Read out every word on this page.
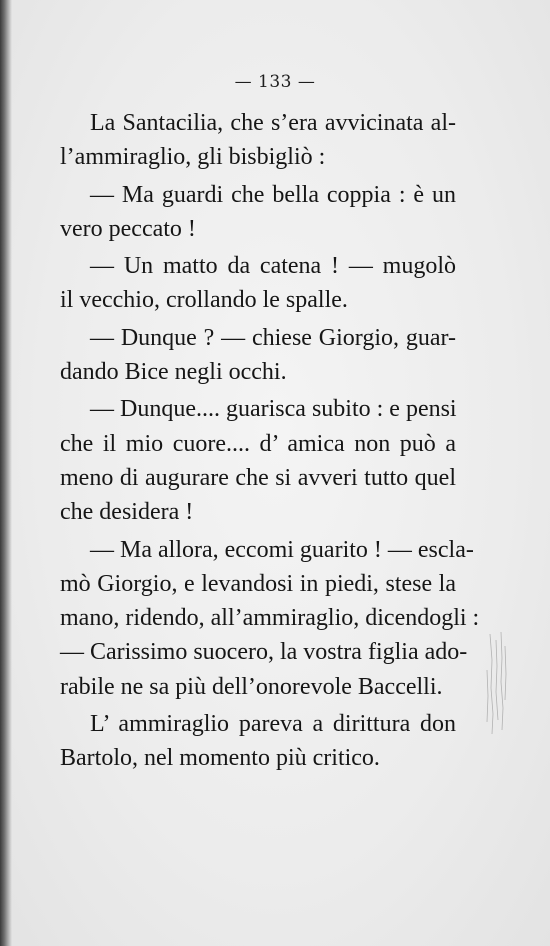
— 133 —
La Santacilia, che s’era avvicinata al-
l’ammiraglio, gli bisbigliò :
— Ma guardi che bella coppia : è un
vero peccato !
— Un matto da catena ! — mugolò
il vecchio, crollando le spalle.
— Dunque ? — chiese Giorgio, guar-
dando Bice negli occhi.
— Dunque.... guarisca subito : e pensi
che il mio cuore.... d’ amica non può a
meno di augurare che si avveri tutto quel
che desidera !
— Ma allora, eccomi guarito ! — escla-
mò Giorgio, e levandosi in piedi, stese la
mano, ridendo, all’ammiraglio, dicendogli :
— Carissimo suocero, la vostra figlia ado-
rabile ne sa più dell’onorevole Baccelli.
L’ ammiraglio pareva a dirittura don
Bartolo, nel momento più critico.
